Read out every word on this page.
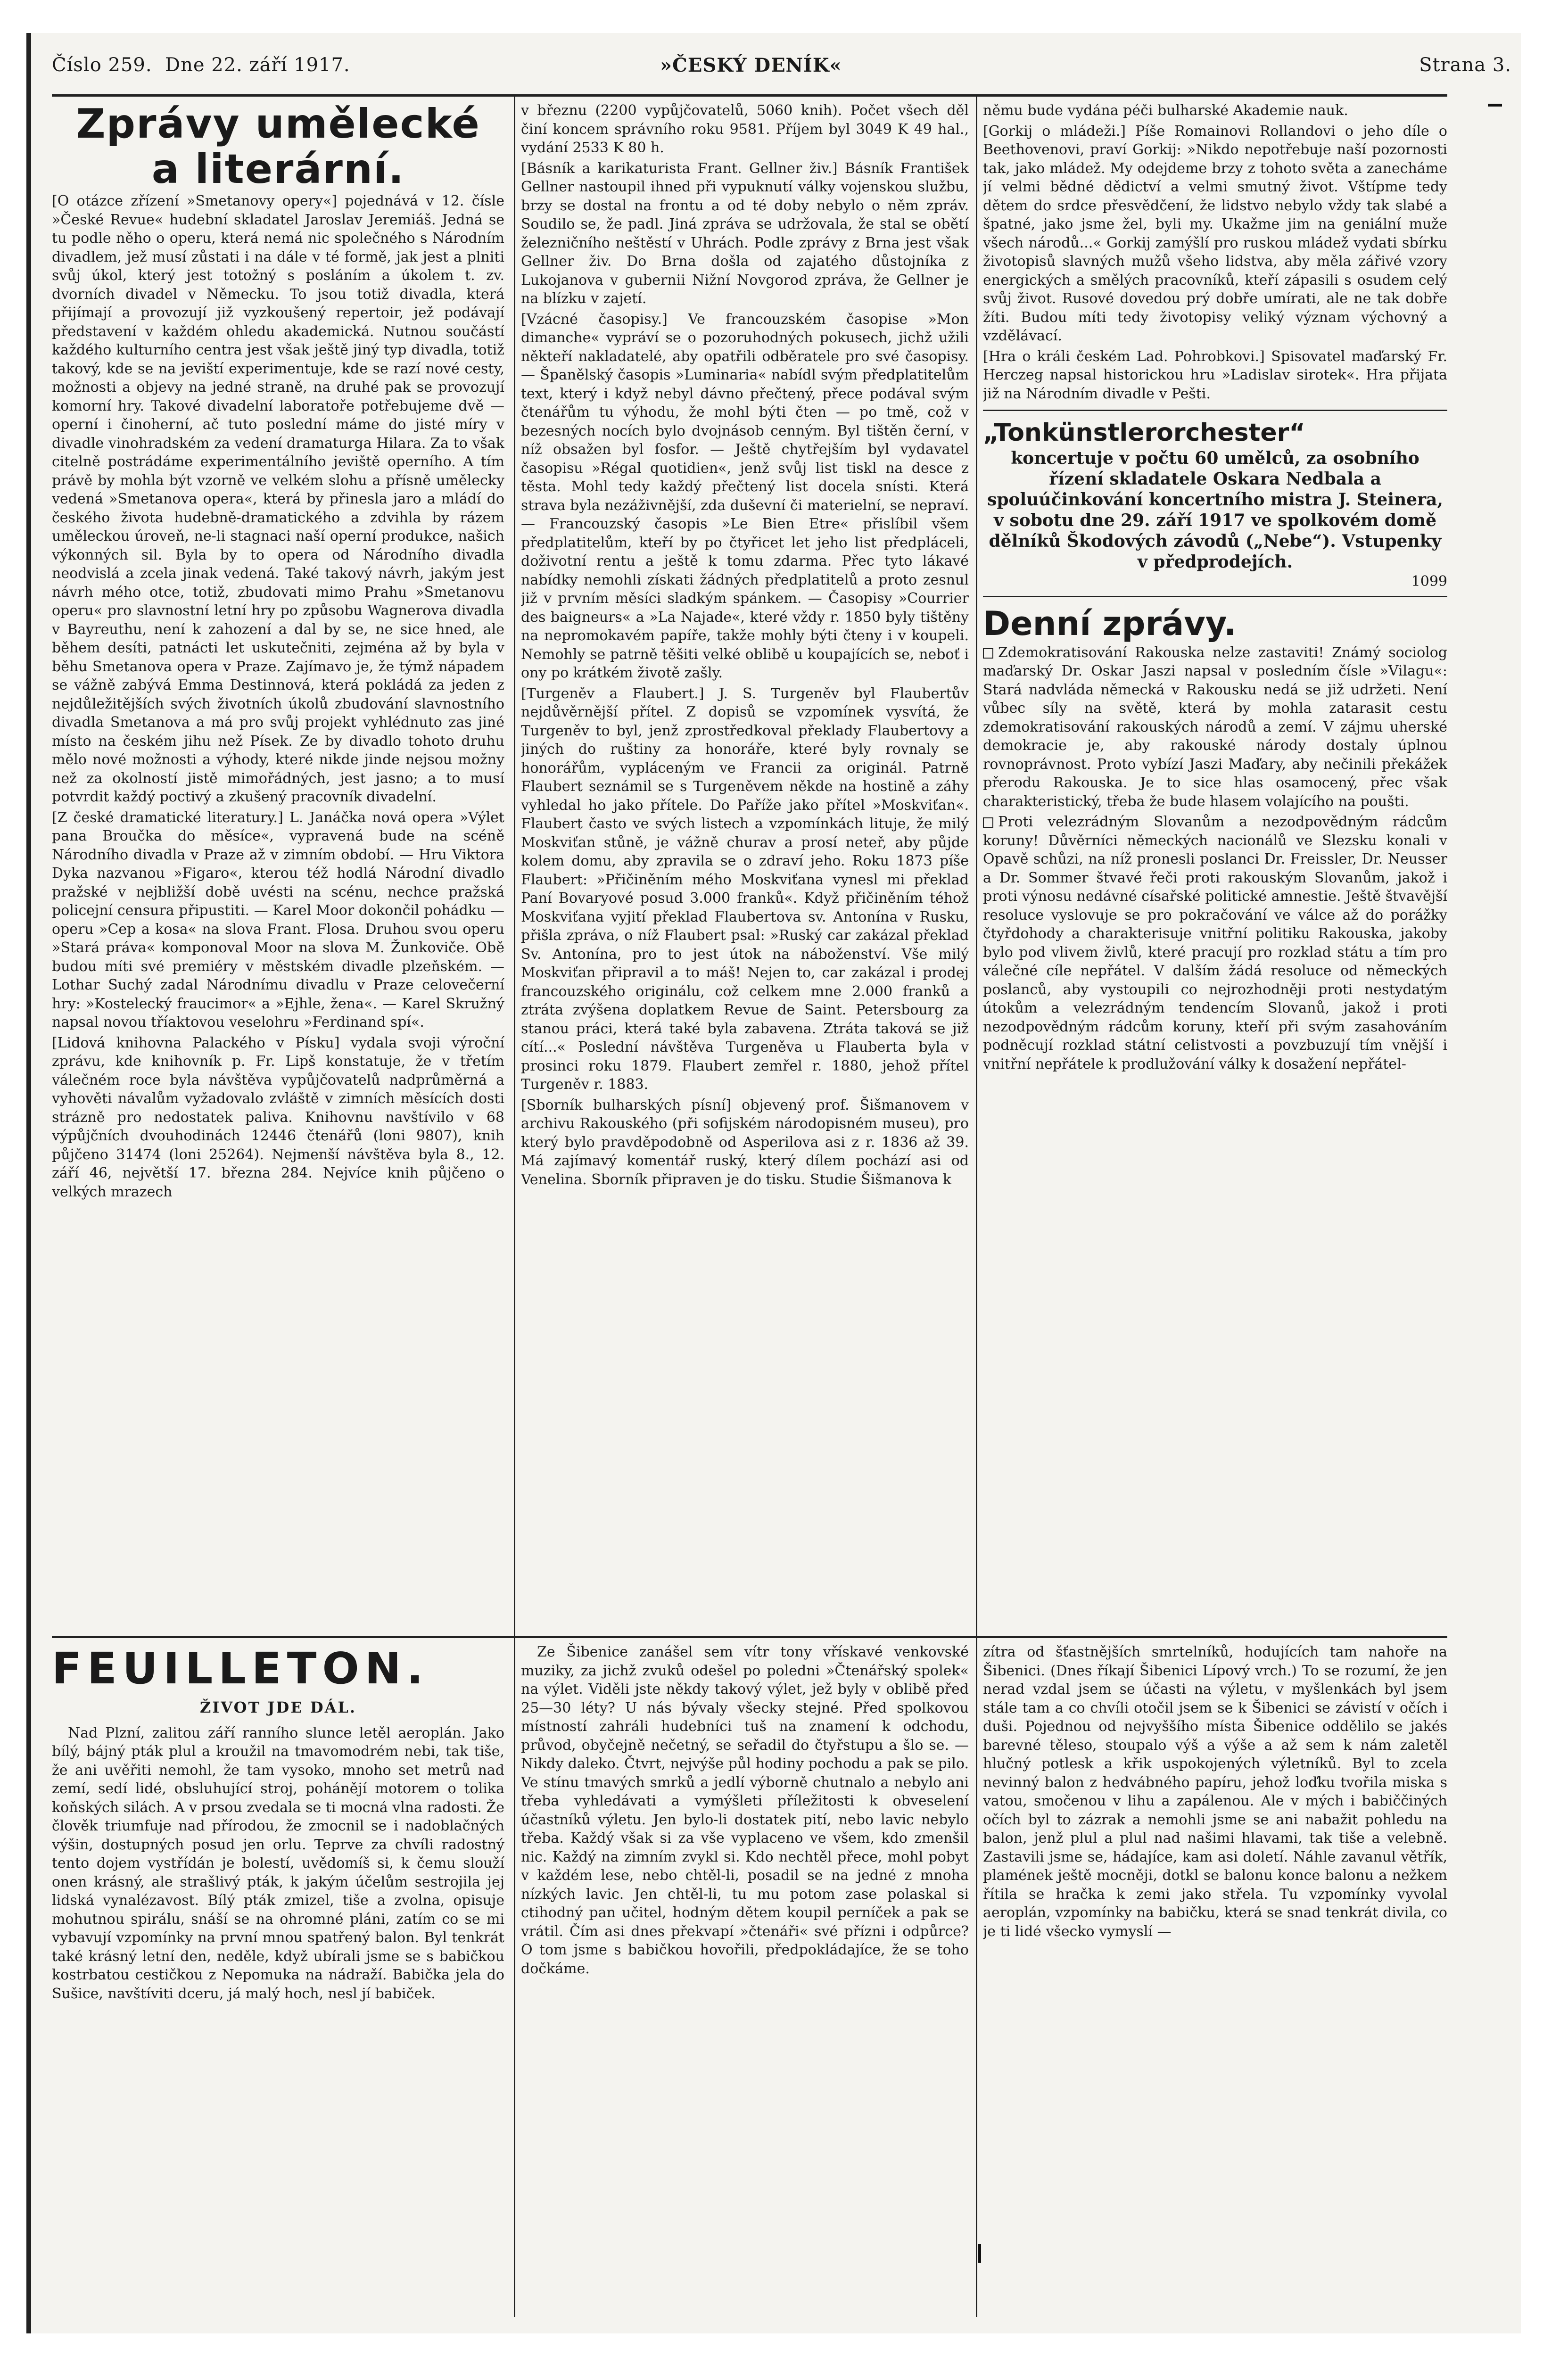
Číslo 259. Dne 22. září 1917.	»ČESKÝ DENÍK«	Strana 3.
Zprávy umělecké
a literární.

[O otázce zřízení »Smetanovy opery«] pojednává v 12. čísle »České Revue« hudební skladatel Jaroslav Jeremiáš. Jedná se tu podle něho o operu, která nemá nic společného s Národním divadlem, jež musí zůstati i na dále v té formě, jak jest a plniti svůj úkol, který jest totožný s posláním a úkolem t. zv. dvorních divadel v Německu. To jsou totiž divadla, která přijímají a provozují již vyzkoušený repertoir, jež podávají představení v každém ohledu akademická. Nutnou součástí každého kulturního centra jest však ještě jiný typ divadla, totiž takový, kde se na jeviští experimentuje, kde se razí nové cesty, možnosti a objevy na jedné straně, na druhé pak se provozují komorní hry. Takové divadelní laboratoře potřebujeme dvě — operní i činoherní, ač tuto poslední máme do jisté míry v divadle vinohradském za vedení dramaturga Hilara. Za to však citelně postrádáme experimentálního jeviště operního. A tím právě by mohla být vzorně ve velkém slohu a přísně umělecky vedená »Smetanova opera«, která by přinesla jaro a mládí do českého života hudebně-dramatického a zdvihla by rázem uměleckou úroveň, ne-li stagnaci naší operní produkce, našich výkonných sil. Byla by to opera od Národního divadla neodvislá a zcela jinak vedená. Také takový návrh, jakým jest návrh mého otce, totiž, zbudovati mimo Prahu »Smetanovu operu« pro slavnostní letní hry po způsobu Wagnerova divadla v Bayreuthu, není k zahození a dal by se, ne sice hned, ale během desíti, patnácti let uskutečniti, zejména až by byla v běhu Smetanova opera v Praze. Zajímavo je, že týmž nápadem se vážně zabývá Emma Destinnová, která pokládá za jeden z nejdůležitějších svých životních úkolů zbudování slavnostního divadla Smetanova a má pro svůj projekt vyhlédnuto zas jiné místo na českém jihu než Písek. Ze by divadlo tohoto druhu mělo nové možnosti a výhody, které nikde jinde nejsou možny než za okolností jistě mimořádných, jest jasno; a to musí potvrdit každý poctivý a zkušený pracovník divadelní.

[Z české dramatické literatury.] L. Janáčka nová opera »Výlet pana Broučka do měsíce«, vypravená bude na scéně Národního divadla v Praze až v zimním období. — Hru Viktora Dyka nazvanou »Figaro«, kterou též hodlá Národní divadlo pražské v nejbližší době uvésti na scénu, nechce pražská policejní censura připustiti. — Karel Moor dokončil pohádku — operu »Cep a kosa« na slova Frant. Flosa. Druhou svou operu »Stará práva« komponoval Moor na slova M. Žunkoviče. Obě budou míti své premiéry v městském divadle plzeňském. — Lothar Suchý zadal Národnímu divadlu v Praze celovečerní hry: »Kostelecký fraucimor« a »Ejhle, žena«. — Karel Skružný napsal novou tříaktovou veselohru »Ferdinand spí«.

[Lidová knihovna Palackého v Písku] vydala svoji výroční zprávu, kde knihovník p. Fr. Lipš konstatuje, že v třetím válečném roce byla návštěva vypůjčovatelů nadprůměrná a vyhověti návalům vyžadovalo zvláště v zimních měsících dosti strázně pro nedostatek paliva. Knihovnu navštívilo v 68 výpůjčních dvouhodinách 12446 čtenářů (loni 9807), knih půjčeno 31474 (loni 25264). Nejmenší návštěva byla 8., 12. září 46, největší 17. března 284. Nejvíce knih půjčeno o velkých mrazech

v březnu (2200 vypůjčovatelů, 5060 knih). Počet všech děl činí koncem správního roku 9581. Příjem byl 3049 K 49 hal., vydání 2533 K 80 h.

[Básník a karikaturista Frant. Gellner živ.] Básník František Gellner nastoupil ihned při vypuknutí války vojenskou službu, brzy se dostal na frontu a od té doby nebylo o něm zpráv. Soudilo se, že padl. Jiná zpráva se udržovala, že stal se obětí železničního neštěstí v Uhrách. Podle zprávy z Brna jest však Gellner živ. Do Brna došla od zajatého důstojníka z Lukojanova v gubernii Nižní Novgorod zpráva, že Gellner je na blízku v zajetí.

[Vzácné časopisy.] Ve francouzském časopise »Mon dimanche« vypráví se o pozoruhodných pokusech, jichž užili někteří nakladatelé, aby opatřili odběratele pro své časopisy. — Španělský časopis »Luminaria« nabídl svým předplatitelům text, který i když nebyl dávno přečtený, přece podával svým čtenářům tu výhodu, že mohl býti čten — po tmě, což v bezesných nocích bylo dvojnásob cenným. Byl tištěn černí, v níž obsažen byl fosfor. — Ještě chytřejším byl vydavatel časopisu »Régal quotidien«, jenž svůj list tiskl na desce z těsta. Mohl tedy každý přečtený list docela snísti. Která strava byla nezáživnější, zda duševní či materielní, se nepraví. — Francouzský časopis »Le Bien Etre« přislíbil všem předplatitelům, kteří by po čtyřicet let jeho list předpláceli, doživotní rentu a ještě k tomu zdarma. Přec tyto lákavé nabídky nemohli získati žádných předplatitelů a proto zesnul již v prvním měsíci sladkým spánkem. — Časopisy »Courrier des baigneurs« a »La Najade«, které vždy r. 1850 byly tištěny na nepromokavém papíře, takže mohly býti čteny i v koupeli. Nemohly se patrně těšiti velké oblibě u koupajících se, neboť i ony po krátkém životě zašly.

[Turgeněv a Flaubert.] J. S. Turgeněv byl Flaubertův nejdůvěrnější přítel. Z dopisů se vzpomínek vysvítá, že Turgeněv to byl, jenž zprostředkoval překlady Flaubertovy a jiných do ruštiny za honoráře, které byly rovnaly se honorářům, vypláceným ve Francii za originál. Patrně Flaubert seznámil se s Turgeněvem někde na hostině a záhy vyhledal ho jako přítele. Do Paříže jako přítel »Moskviťan«. Flaubert často ve svých listech a vzpomínkách lituje, že milý Moskviťan stůně, je vážně churav a prosí neteř, aby půjde kolem domu, aby zpravila se o zdraví jeho. Roku 1873 píše Flaubert: »Přičiněním mého Moskviťana vynesl mi překlad Paní Bovaryové posud 3.000 franků«. Když přičiněním téhož Moskviťana vyjití překlad Flaubertova sv. Antonína v Rusku, přišla zpráva, o níž Flaubert psal: »Ruský car zakázal překlad Sv. Antonína, pro to jest útok na náboženství. Vše milý Moskviťan připravil a to máš! Nejen to, car zakázal i prodej francouzského originálu, což celkem mne 2.000 franků a ztráta zvýšena doplatkem Revue de Saint. Petersbourg za stanou práci, která také byla zabavena. Ztráta taková se již cítí...« Poslední návštěva Turgeněva u Flauberta byla v prosinci roku 1879. Flaubert zemřel r. 1880, jehož přítel Turgeněv r. 1883.

[Sborník bulharských písní] objevený prof. Šišmanovem v archivu Rakouského (při sofijském národopisném museu), pro který bylo pravděpodobně od Asperilova asi z r. 1836 až 39. Má zajímavý komentář ruský, který dílem pochází asi od Venelina. Sborník připraven je do tisku. Studie Šišmanova k

němu bude vydána péči bulharské Akademie nauk.

[Gorkij o mládeži.] Píše Romainovi Rollandovi o jeho díle o Beethovenovi, praví Gorkij: »Nikdo nepotřebuje naší pozornosti tak, jako mládež. My odejdeme brzy z tohoto světa a zanecháme jí velmi bědné dědictví a velmi smutný život. Vštípme tedy dětem do srdce přesvědčení, že lidstvo nebylo vždy tak slabé a špatné, jako jsme žel, byli my. Ukažme jim na geniální muže všech národů...« Gorkij zamýšlí pro ruskou mládež vydati sbírku životopisů slavných mužů všeho lidstva, aby měla zářivé vzory energických a smělých pracovníků, kteří zápasili s osudem celý svůj život. Rusové dovedou prý dobře umírati, ale ne tak dobře žíti. Budou míti tedy životopisy veliký význam výchovný a vzdělávací.

[Hra o králi českém Lad. Pohrobkovi.] Spisovatel maďarský Fr. Herczeg napsal historickou hru »Ladislav sirotek«. Hra přijata již na Národním divadle v Pešti.

„Tonkünstlerorchester“
koncertuje v počtu 60 umělců, za osobního řízení skladatele Oskara Nedbala a spoluúčinkování koncertního mistra J. Steinera, v sobotu dne 29. září 1917 ve spolkovém domě dělníků Škodových závodů („Nebe“). Vstupenky v předprodejích.
1099
Denní zprávy.

Zdemokratisování Rakouska nelze zastaviti! Známý sociolog maďarský Dr. Oskar Jaszi napsal v posledním čísle »Vilagu«: Stará nadvláda německá v Rakousku nedá se již udržeti. Není vůbec síly na světě, která by mohla zatarasit cestu zdemokratisování rakouských národů a zemí. V zájmu uherské demokracie je, aby rakouské národy dostaly úplnou rovnoprávnost. Proto vybízí Jaszi Maďary, aby nečinili překážek přerodu Rakouska. Je to sice hlas osamocený, přec však charakteristický, třeba že bude hlasem volajícího na poušti.

Proti velezrádným Slovanům a nezodpovědným rádcům koruny! Důvěrníci německých nacionálů ve Slezsku konali v Opavě schůzi, na níž pronesli poslanci Dr. Freissler, Dr. Neusser a Dr. Sommer štvavé řeči proti rakouským Slovanům, jakož i proti výnosu nedávné císařské politické amnestie. Ještě štvavější resoluce vyslovuje se pro pokračování ve válce až do porážky čtyřdohody a charakterisuje vnitřní politiku Rakouska, jakoby bylo pod vlivem živlů, které pracují pro rozklad státu a tím pro válečné cíle nepřátel. V dalším žádá resoluce od německých poslanců, aby vystoupili co nejrozhodněji proti nestydatým útokům a velezrádným tendencím Slovanů, jakož i proti nezodpovědným rádcům koruny, kteří při svým zasahováním podněcují rozklad státní celistvosti a povzbuzují tím vnější i vnitřní nepřátele k prodlužování války k dosažení nepřátel-

FEUILLETON.
ŽIVOT JDE DÁL.

Nad Plzní, zalitou září ranního slunce letěl aeroplán. Jako bílý, bájný pták plul a kroužil na tmavomodrém nebi, tak tiše, že ani uvěřiti nemohl, že tam vysoko, mnoho set metrů nad zemí, sedí lidé, obsluhující stroj, pohánějí motorem o tolika koňských silách. A v prsou zvedala se ti mocná vlna radosti. Že člověk triumfuje nad přírodou, že zmocnil se i nadoblačných výšin, dostupných posud jen orlu. Teprve za chvíli radostný tento dojem vystřídán je bolestí, uvědomíš si, k čemu slouží onen krásný, ale strašlivý pták, k jakým účelům sestrojila jej lidská vynalézavost. Bílý pták zmizel, tiše a zvolna, opisuje mohutnou spirálu, snáší se na ohromné pláni, zatím co se mi vybavují vzpomínky na první mnou spatřený balon. Byl tenkrát také krásný letní den, neděle, když ubírali jsme se s babičkou kostrbatou cestičkou z Nepomuka na nádraží. Babička jela do Sušice, navštíviti dceru, já malý hoch, nesl jí babiček.

Ze Šibenice zanášel sem vítr tony vřískavé venkovské muziky, za jichž zvuků odešel po poledni »Čtenářský spolek« na výlet. Viděli jste někdy takový výlet, jež byly v oblibě před 25—30 léty? U nás bývaly všecky stejné. Před spolkovou místností zahráli hudebníci tuš na znamení k odchodu, průvod, obyčejně nečetný, se seřadil do čtyřstupu a šlo se. — Nikdy daleko. Čtvrt, nejvýše půl hodiny pochodu a pak se pilo. Ve stínu tmavých smrků a jedlí výborně chutnalo a nebylo ani třeba vyhledávati a vymýšleti příležitosti k obveselení účastníků výletu. Jen bylo-li dostatek pití, nebo lavic nebylo třeba. Každý však si za vše vyplaceno ve všem, kdo zmenšil nic. Každý na zimním zvykl si. Kdo nechtěl přece, mohl pobyt v každém lese, nebo chtěl-li, posadil se na jedné z mnoha nízkých lavic. Jen chtěl-li, tu mu potom zase polaskal si ctihodný pan učitel, hodným dětem koupil perníček a pak se vrátil. Čím asi dnes překvapí »čtenáři« své přízni i odpůrce? O tom jsme s babičkou hovořili, předpokládajíce, že se toho dočkáme.

zítra od šťastnějších smrtelníků, hodujících tam nahoře na Šibenici. (Dnes říkají Šibenici Lípový vrch.) To se rozumí, že jen nerad vzdal jsem se účasti na výletu, v myšlenkách byl jsem stále tam a co chvíli otočil jsem se k Šibenici se závistí v očích i duši. Pojednou od nejvyššího místa Šibenice oddělilo se jakés barevné těleso, stoupalo výš a výše a až sem k nám zaletěl hlučný potlesk a křik uspokojených výletníků. Byl to zcela nevinný balon z hedvábného papíru, jehož loďku tvořila miska s vatou, smočenou v lihu a zapálenou. Ale v mých i babiččiných očích byl to zázrak a nemohli jsme se ani nabažit pohledu na balon, jenž plul a plul nad našimi hlavami, tak tiše a velebně. Zastavili jsme se, hádajíce, kam asi doletí. Náhle zavanul větřík, plamének ještě mocněji, dotkl se balonu konce balonu a nežkem řítila se hračka k zemi jako střela. Tu vzpomínky vyvolal aeroplán, vzpomínky na babičku, která se snad tenkrát divila, co je ti lidé všecko vymyslí —
